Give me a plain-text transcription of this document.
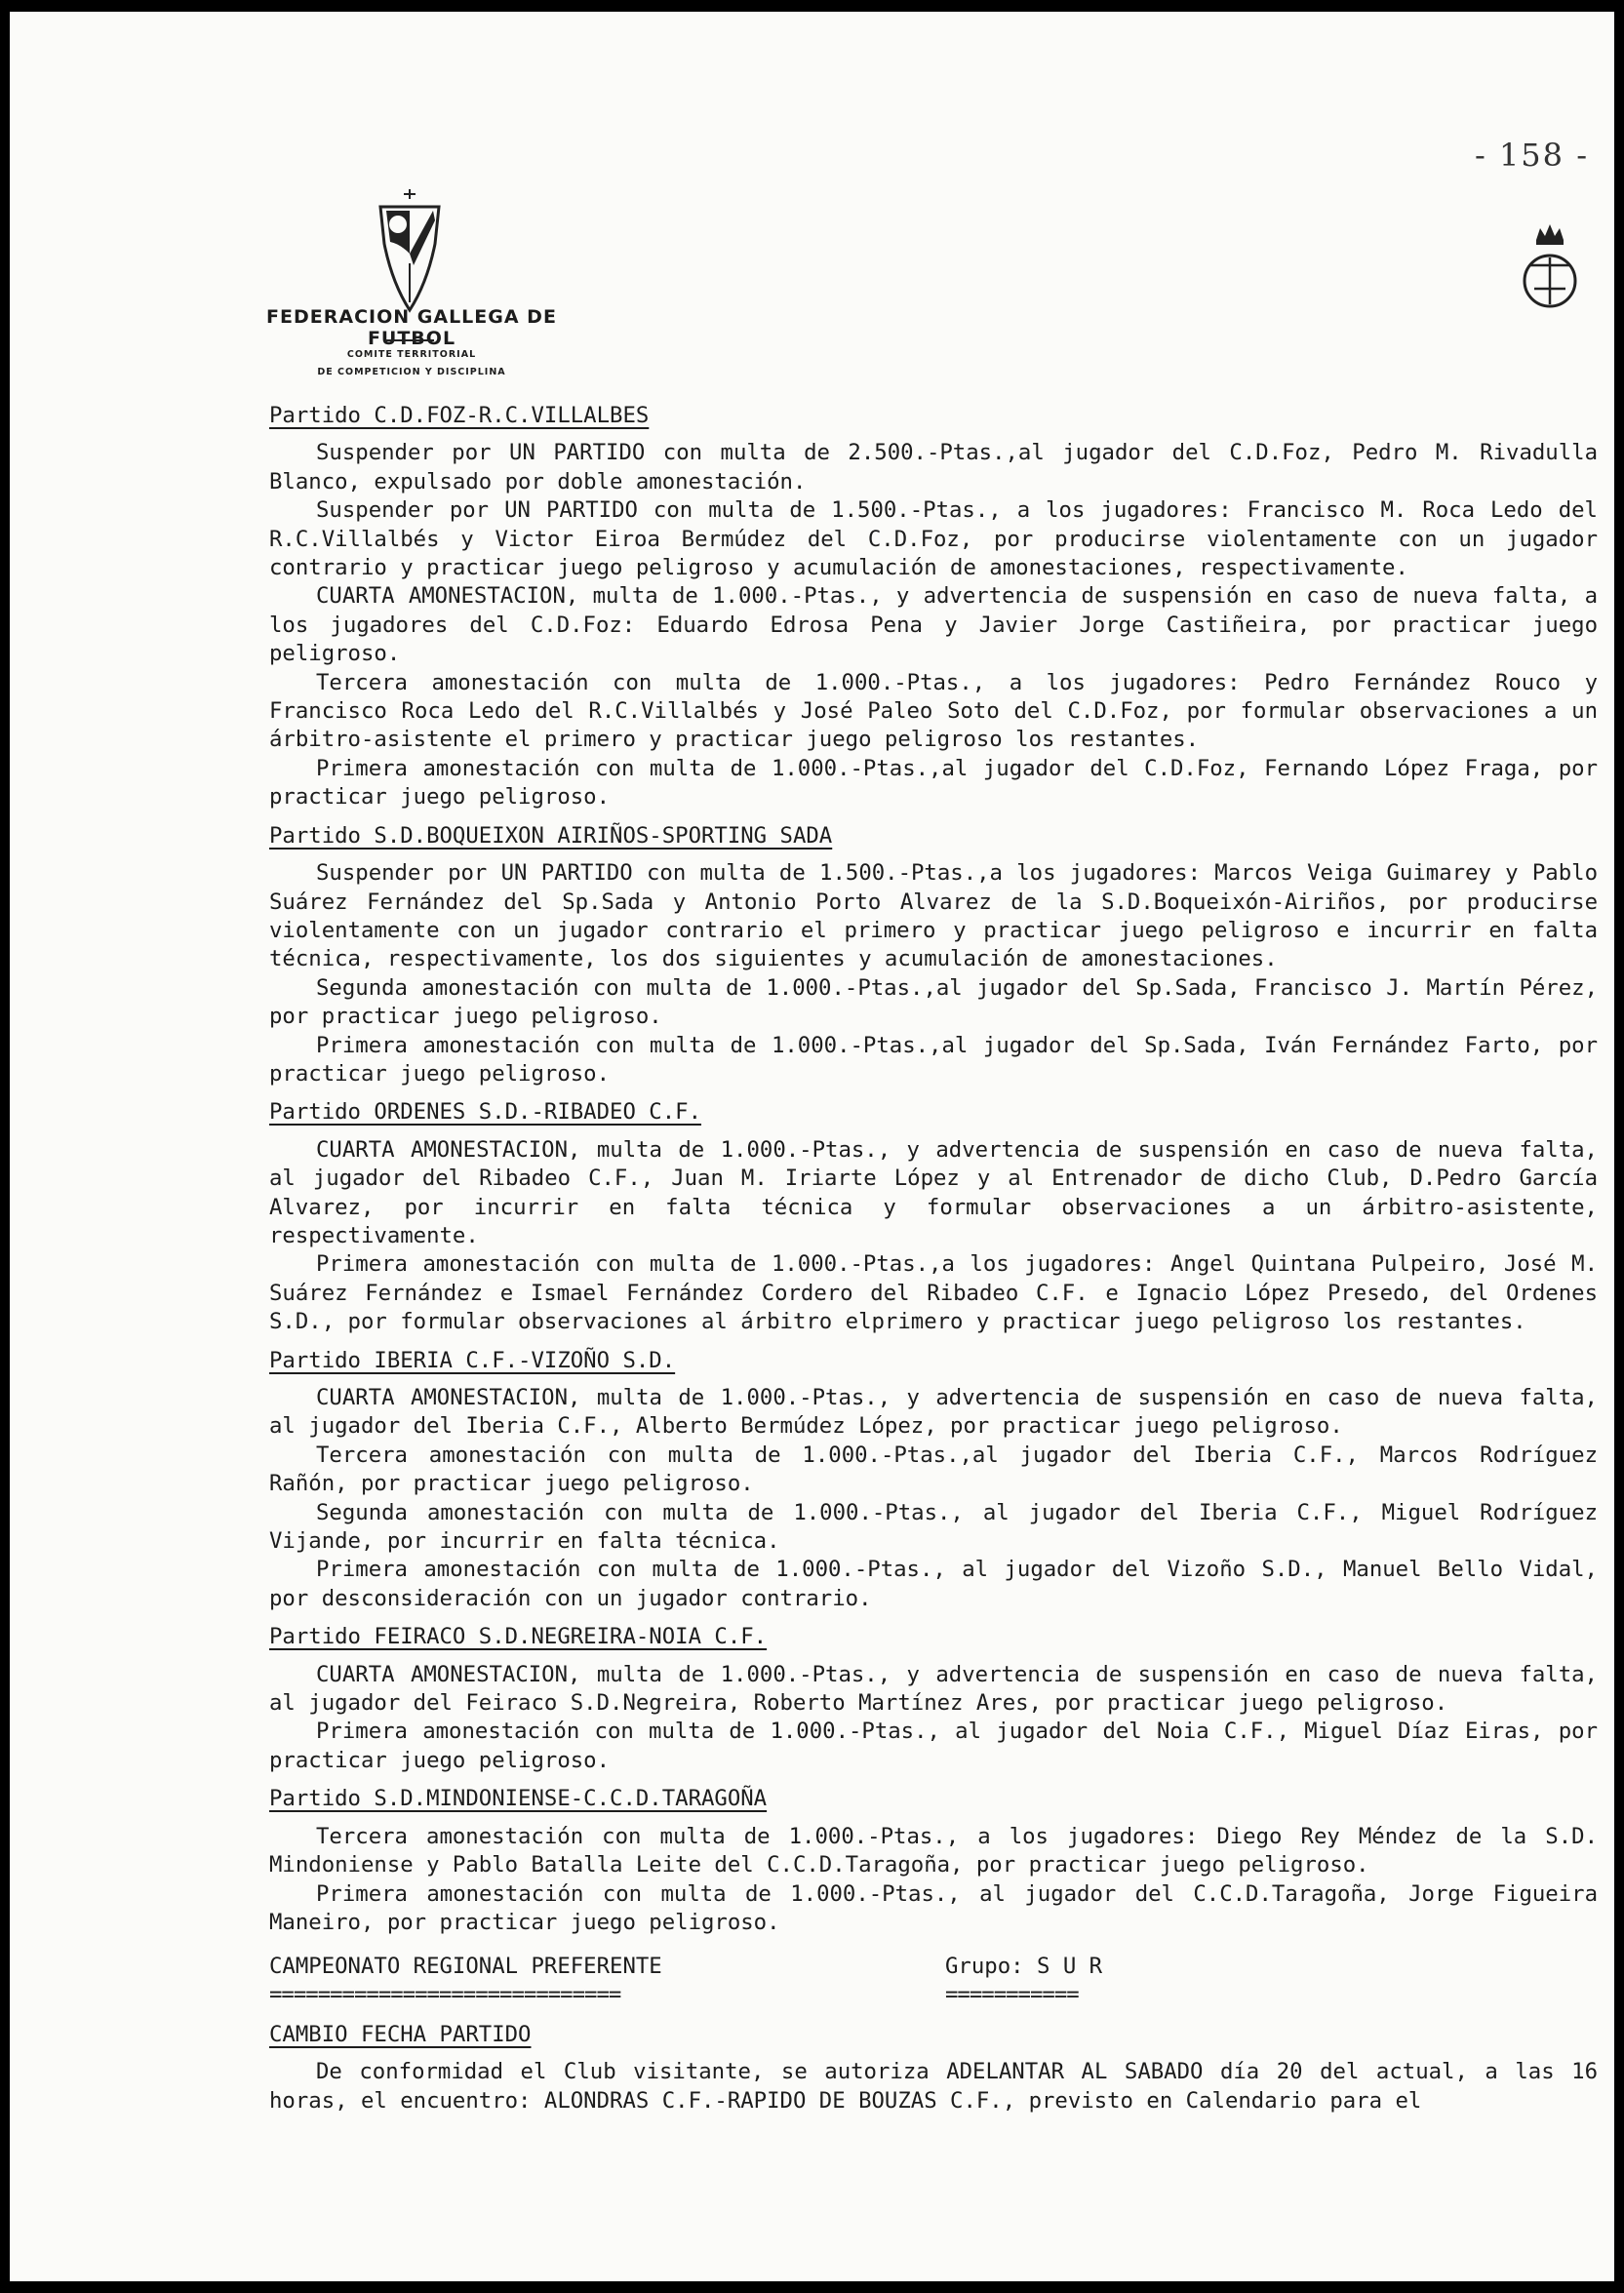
- 158 -
FEDERACION GALLEGA DE FUTBOL
COMITE TERRITORIAL
DE COMPETICION Y DISCIPLINA
Partido C.D.FOZ-R.C.VILLALBES

Suspender por UN PARTIDO con multa de 2.500.-Ptas.,al jugador del C.D.Foz, Pedro M. Rivadulla Blanco, expulsado por doble amonestación.

Suspender por UN PARTIDO con multa de 1.500.-Ptas., a los jugadores: Francisco M. Roca Ledo del R.C.Villalbés y Victor Eiroa Bermúdez del C.D.Foz, por producirse violentamente con un jugador contrario y practicar juego peligroso y acumulación de amonestaciones, respectivamente.

CUARTA AMONESTACION, multa de 1.000.-Ptas., y advertencia de suspensión en caso de nueva falta, a los jugadores del C.D.Foz: Eduardo Edrosa Pena y Javier Jorge Castiñeira, por practicar juego peligroso.

Tercera amonestación con multa de 1.000.-Ptas., a los jugadores: Pedro Fernández Rouco y Francisco Roca Ledo del R.C.Villalbés y José Paleo Soto del C.D.Foz, por formular observaciones a un árbitro-asistente el primero y practicar juego peligroso los restantes.

Primera amonestación con multa de 1.000.-Ptas.,al jugador del C.D.Foz, Fernando López Fraga, por practicar juego peligroso.

Partido S.D.BOQUEIXON AIRIÑOS-SPORTING SADA

Suspender por UN PARTIDO con multa de 1.500.-Ptas.,a los jugadores: Marcos Veiga Guimarey y Pablo Suárez Fernández del Sp.Sada y Antonio Porto Alvarez de la S.D.Boqueixón-Airiños, por producirse violentamente con un jugador contrario el primero y practicar juego peligroso e incurrir en falta técnica, respectivamente, los dos siguientes y acumulación de amonestaciones.

Segunda amonestación con multa de 1.000.-Ptas.,al jugador del Sp.Sada, Francisco J. Martín Pérez, por practicar juego peligroso.

Primera amonestación con multa de 1.000.-Ptas.,al jugador del Sp.Sada, Iván Fernández Farto, por practicar juego peligroso.

Partido ORDENES S.D.-RIBADEO C.F.

CUARTA AMONESTACION, multa de 1.000.-Ptas., y advertencia de suspensión en caso de nueva falta, al jugador del Ribadeo C.F., Juan M. Iriarte López y al Entrenador de dicho Club, D.Pedro García Alvarez, por incurrir en falta técnica y formular observaciones a un árbitro-asistente, respectivamente.

Primera amonestación con multa de 1.000.-Ptas.,a los jugadores: Angel Quintana Pulpeiro, José M. Suárez Fernández e Ismael Fernández Cordero del Ribadeo C.F. e Ignacio López Presedo, del Ordenes S.D., por formular observaciones al árbitro elprimero y practicar juego peligroso los restantes.

Partido IBERIA C.F.-VIZOÑO S.D.

CUARTA AMONESTACION, multa de 1.000.-Ptas., y advertencia de suspensión en caso de nueva falta, al jugador del Iberia C.F., Alberto Bermúdez López, por practicar juego peligroso.

Tercera amonestación con multa de 1.000.-Ptas.,al jugador del Iberia C.F., Marcos Rodríguez Rañón, por practicar juego peligroso.

Segunda amonestación con multa de 1.000.-Ptas., al jugador del Iberia C.F., Miguel Rodríguez Vijande, por incurrir en falta técnica.

Primera amonestación con multa de 1.000.-Ptas., al jugador del Vizoño S.D., Manuel Bello Vidal, por desconsideración con un jugador contrario.

Partido FEIRACO S.D.NEGREIRA-NOIA C.F.

CUARTA AMONESTACION, multa de 1.000.-Ptas., y advertencia de suspensión en caso de nueva falta, al jugador del Feiraco S.D.Negreira, Roberto Martínez Ares, por practicar juego peligroso.

Primera amonestación con multa de 1.000.-Ptas., al jugador del Noia C.F., Miguel Díaz Eiras, por practicar juego peligroso.

Partido S.D.MINDONIENSE-C.C.D.TARAGOÑA

Tercera amonestación con multa de 1.000.-Ptas., a los jugadores: Diego Rey Méndez de la S.D. Mindoniense y Pablo Batalla Leite del C.C.D.Taragoña, por practicar juego peligroso.

Primera amonestación con multa de 1.000.-Ptas., al jugador del C.C.D.Taragoña, Jorge Figueira Maneiro, por practicar juego peligroso.

CAMPEONATO REGIONAL PREFERENTE
=============================
Grupo: S U R
===========
CAMBIO FECHA PARTIDO

De conformidad el Club visitante, se autoriza ADELANTAR AL SABADO día 20 del actual, a las 16 horas, el encuentro: ALONDRAS C.F.-RAPIDO DE BOUZAS C.F., previsto en Calendario para el
